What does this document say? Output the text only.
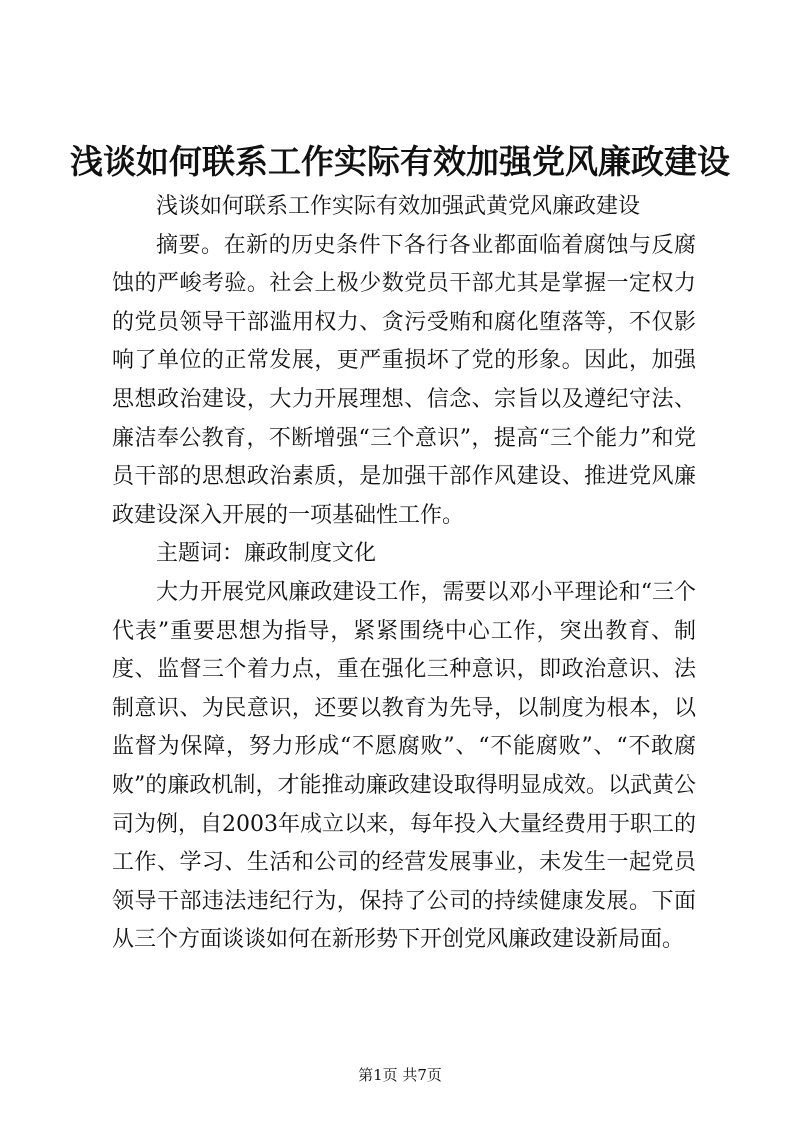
浅谈如何联系工作实际有效加强党风廉政建设

浅谈如何联系工作实际有效加强武黄党风廉政建设

摘要。在新的历史条件下各行各业都面临着腐蚀与反腐蚀的严峻考验。社会上极少数党员干部尤其是掌握一定权力的党员领导干部滥用权力、贪污受贿和腐化堕落等，不仅影响了单位的正常发展，更严重损坏了党的形象。因此，加强思想政治建设，大力开展理想、信念、宗旨以及遵纪守法、廉洁奉公教育，不断增强“三个意识”，提高“三个能力”和党员干部的思想政治素质，是加强干部作风建设、推进党风廉政建设深入开展的一项基础性工作。

主题词：廉政制度文化

大力开展党风廉政建设工作，需要以邓小平理论和“三个代表”重要思想为指导，紧紧围绕中心工作，突出教育、制度、监督三个着力点，重在强化三种意识，即政治意识、法制意识、为民意识，还要以教育为先导，以制度为根本，以监督为保障，努力形成“不愿腐败”、“不能腐败”、“不敢腐败”的廉政机制，才能推动廉政建设取得明显成效。以武黄公司为例，自2003年成立以来，每年投入大量经费用于职工的工作、学习、生活和公司的经营发展事业，未发生一起党员领导干部违法违纪行为，保持了公司的持续健康发展。下面从三个方面谈谈如何在新形势下开创党风廉政建设新局面。

第1页 共7页
